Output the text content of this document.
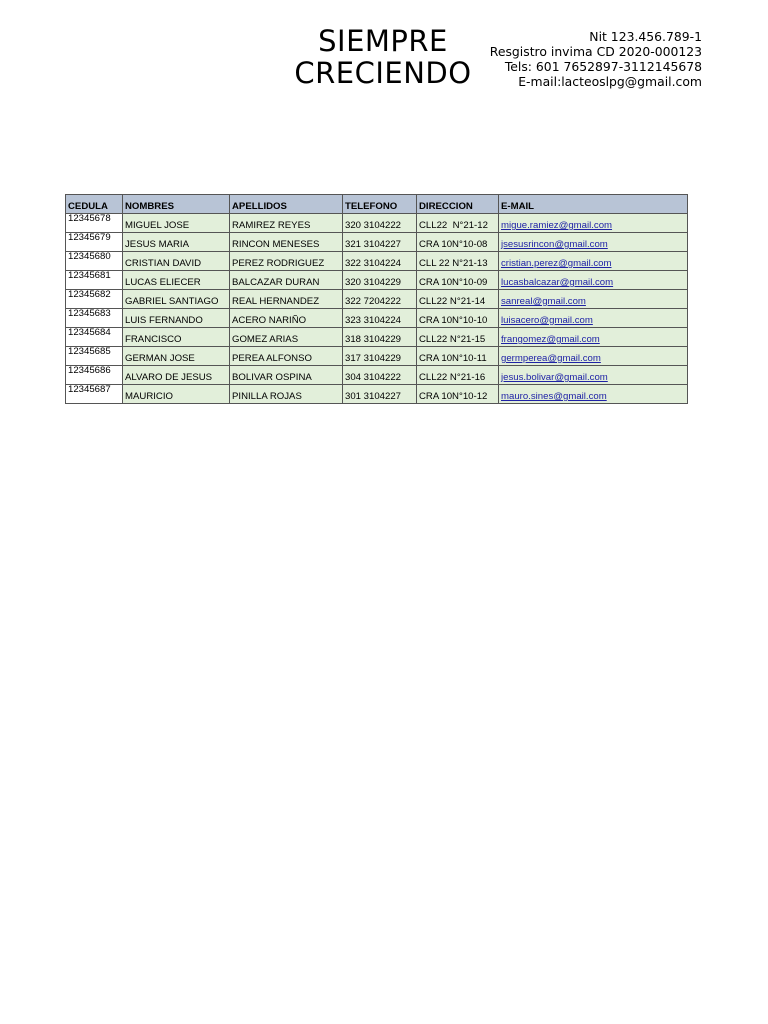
SIEMPRE
CRECIENDO
Nit 123.456.789-1
Resgistro invima CD 2020-000123
Tels: 601 7652897-3112145678
E-mail:lacteoslpg@gmail.com
CEDULA	NOMBRES	APELLIDOS	TELEFONO	DIRECCION	E-MAIL
12345678	MIGUEL JOSE	RAMIREZ REYES	320 3104222	CLL22  N°21-12	migue.ramiez@gmail.com
12345679	JESUS MARIA	RINCON MENESES	321 3104227	CRA 10N°10-08	jsesusrincon@gmail.com
12345680	CRISTIAN DAVID	PEREZ RODRIGUEZ	322 3104224	CLL 22 N°21-13	cristian.perez@gmail.com
12345681	LUCAS ELIECER	BALCAZAR DURAN	320 3104229	CRA 10N°10-09	lucasbalcazar@gmail.com
12345682	GABRIEL SANTIAGO	REAL HERNANDEZ	322 7204222	CLL22 N°21-14	sanreal@gmail.com
12345683	LUIS FERNANDO	ACERO NARIÑO	323 3104224	CRA 10N°10-10	luisacero@gmail.com
12345684	FRANCISCO	GOMEZ ARIAS	318 3104229	CLL22 N°21-15	frangomez@gmail.com
12345685	GERMAN JOSE	PEREA ALFONSO	317 3104229	CRA 10N°10-11	germperea@gmail.com
12345686	ALVARO DE JESUS	BOLIVAR OSPINA	304 3104222	CLL22 N°21-16	jesus.bolivar@gmail.com
12345687	MAURICIO	PINILLA ROJAS	301 3104227	CRA 10N°10-12	mauro.sines@gmail.com
